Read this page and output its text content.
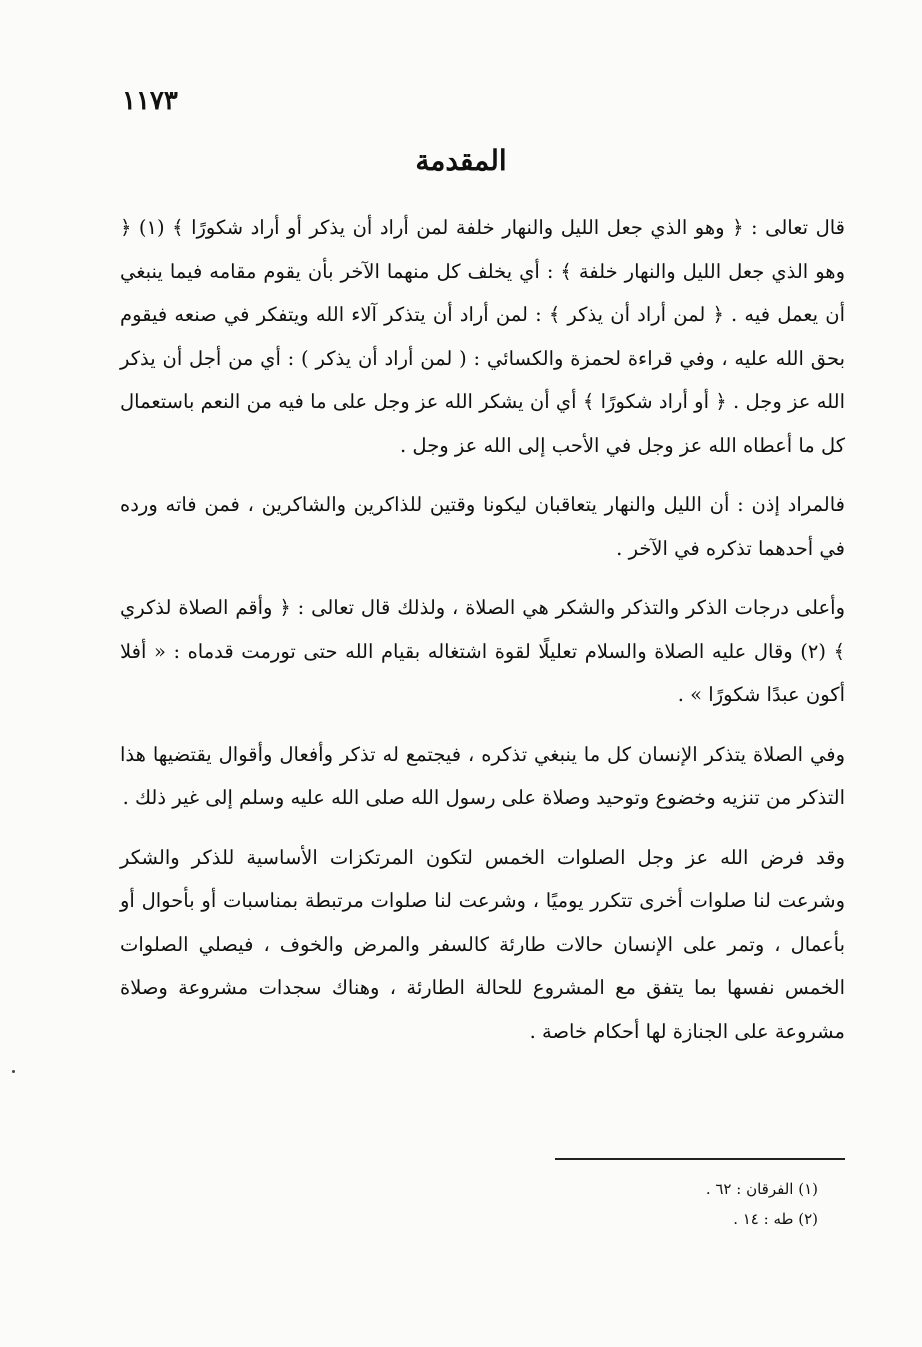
١١٧٣
المقدمة

قال تعالى : ﴿ وهو الذي جعل الليل والنهار خلفة لمن أراد أن يذكر أو أراد شكورًا ﴾ (١) ﴿ وهو الذي جعل الليل والنهار خلفة ﴾ : أي يخلف كل منهما الآخر بأن يقوم مقامه فيما ينبغي أن يعمل فيه . ﴿ لمن أراد أن يذكر ﴾ : لمن أراد أن يتذكر آلاء الله ويتفكر في صنعه فيقوم بحق الله عليه ، وفي قراءة لحمزة والكسائي : ( لمن أراد أن يذكر ) : أي من أجل أن يذكر الله عز وجل . ﴿ أو أراد شكورًا ﴾ أي أن يشكر الله عز وجل على ما فيه من النعم باستعمال كل ما أعطاه الله عز وجل في الأحب إلى الله عز وجل .

فالمراد إذن : أن الليل والنهار يتعاقبان ليكونا وقتين للذاكرين والشاكرين ، فمن فاته ورده في أحدهما تذكره في الآخر .

وأعلى درجات الذكر والتذكر والشكر هي الصلاة ، ولذلك قال تعالى : ﴿ وأقم الصلاة لذكري ﴾ (٢) وقال عليه الصلاة والسلام تعليلًا لقوة اشتغاله بقيام الله حتى تورمت قدماه : « أفلا أكون عبدًا شكورًا » .

وفي الصلاة يتذكر الإنسان كل ما ينبغي تذكره ، فيجتمع له تذكر وأفعال وأقوال يقتضيها هذا التذكر من تنزيه وخضوع وتوحيد وصلاة على رسول الله صلى الله عليه وسلم إلى غير ذلك .

وقد فرض الله عز وجل الصلوات الخمس لتكون المرتكزات الأساسية للذكر والشكر وشرعت لنا صلوات أخرى تتكرر يوميًا ، وشرعت لنا صلوات مرتبطة بمناسبات أو بأحوال أو بأعمال ، وتمر على الإنسان حالات طارئة كالسفر والمرض والخوف ، فيصلي الصلوات الخمس نفسها بما يتفق مع المشروع للحالة الطارئة ، وهناك سجدات مشروعة وصلاة مشروعة على الجنازة لها أحكام خاصة .

(١) الفرقان : ٦٢ .
(٢) طه : ١٤ .
